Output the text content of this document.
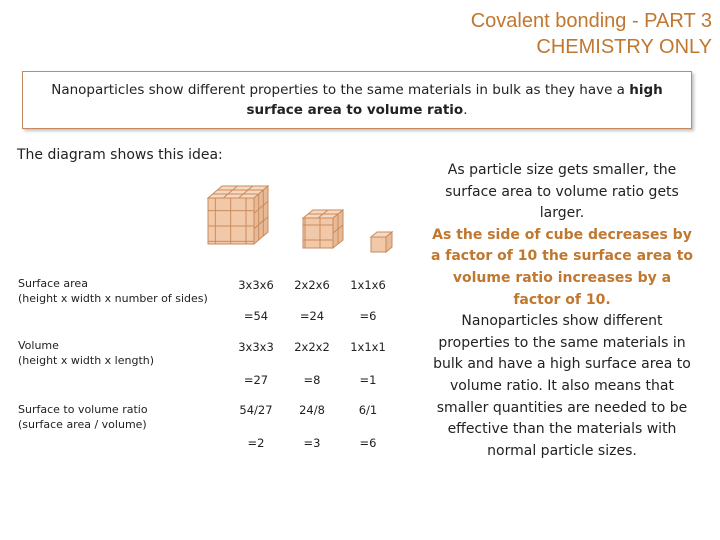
Covalent bonding - PART 3
CHEMISTRY ONLY
Nanoparticles show different properties to the same materials in bulk as they have a high surface area to volume ratio.
The diagram shows this idea:
Surface area
(height x width x number of sides)
3x3x6	2x2x6	1x1x6
=54	=24	=6
Volume
(height x width x length)
3x3x3	2x2x2	1x1x1
=27	=8	=1
Surface to volume ratio
(surface area / volume)
54/27	24/8	6/1
=2	=3	=6
As particle size gets smaller, the surface area to volume ratio gets larger.
As the side of cube decreases by a factor of 10 the surface area to volume ratio increases by a factor of 10.
Nanoparticles show different properties to the same materials in bulk and have a high surface area to volume ratio. It also means that smaller quantities are needed to be effective than the materials with normal particle sizes.
